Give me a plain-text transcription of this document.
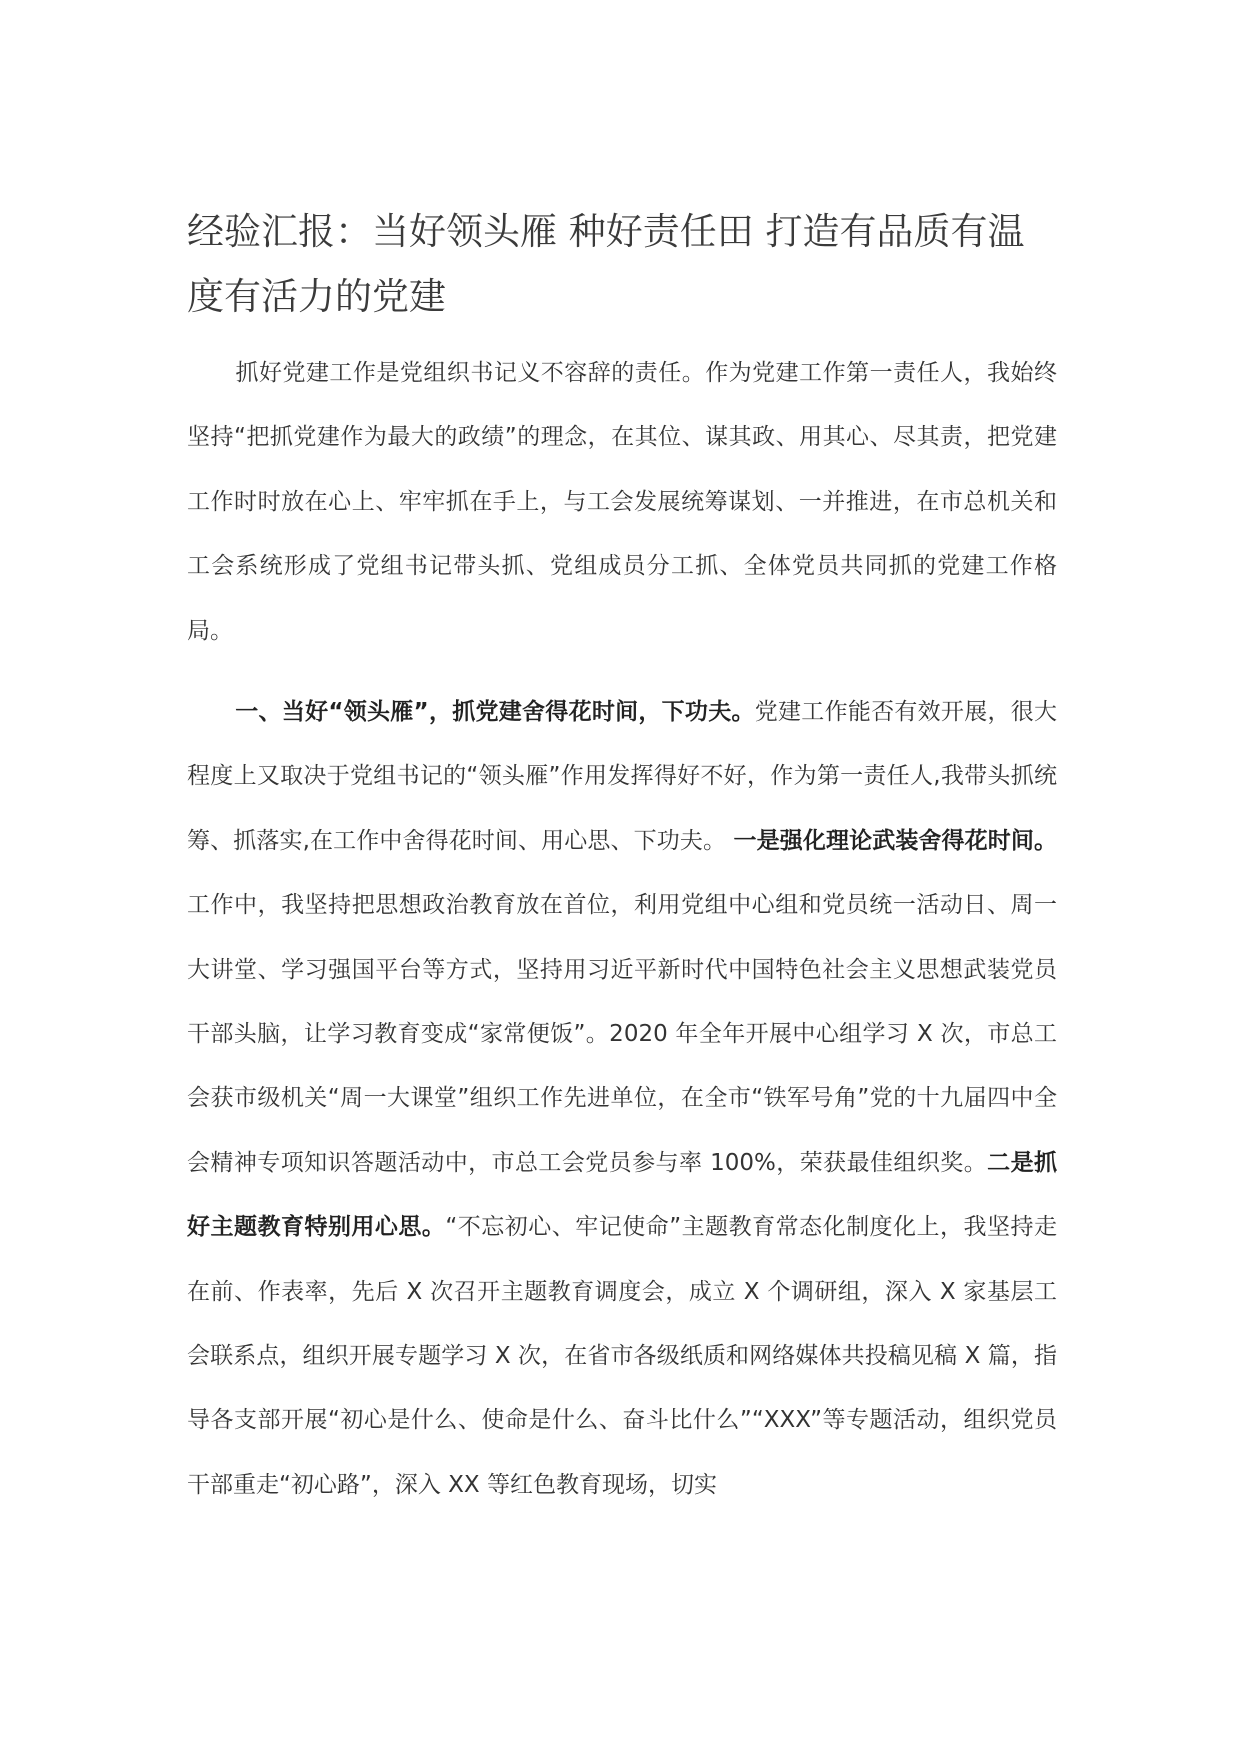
经验汇报：当好领头雁 种好责任田 打造有品质有温度有活力的党建

抓好党建工作是党组织书记义不容辞的责任。作为党建工作第一责任人，我始终坚持“把抓党建作为最大的政绩”的理念，在其位、谋其政、用其心、尽其责，把党建工作时时放在心上、牢牢抓在手上，与工会发展统筹谋划、一并推进，在市总机关和工会系统形成了党组书记带头抓、党组成员分工抓、全体党员共同抓的党建工作格局。

一、当好“领头雁”，抓党建舍得花时间，下功夫。党建工作能否有效开展，很大程度上又取决于党组书记的“领头雁”作用发挥得好不好，作为第一责任人,我带头抓统筹、抓落实,在工作中舍得花时间、用心思、下功夫。 一是强化理论武装舍得花时间。工作中，我坚持把思想政治教育放在首位，利用党组中心组和党员统一活动日、周一大讲堂、学习强国平台等方式，坚持用习近平新时代中国特色社会主义思想武装党员干部头脑，让学习教育变成“家常便饭”。2020 年全年开展中心组学习 X 次，市总工会获市级机关“周一大课堂”组织工作先进单位，在全市“铁军号角”党的十九届四中全会精神专项知识答题活动中，市总工会党员参与率 100%，荣获最佳组织奖。二是抓好主题教育特别用心思。“不忘初心、牢记使命”主题教育常态化制度化上，我坚持走在前、作表率，先后 X 次召开主题教育调度会，成立 X 个调研组，深入 X 家基层工会联系点，组织开展专题学习 X 次，在省市各级纸质和网络媒体共投稿见稿 X 篇，指导各支部开展“初心是什么、使命是什么、奋斗比什么”“XXX”等专题活动，组织党员干部重走“初心路”，深入 XX 等红色教育现场，切实
